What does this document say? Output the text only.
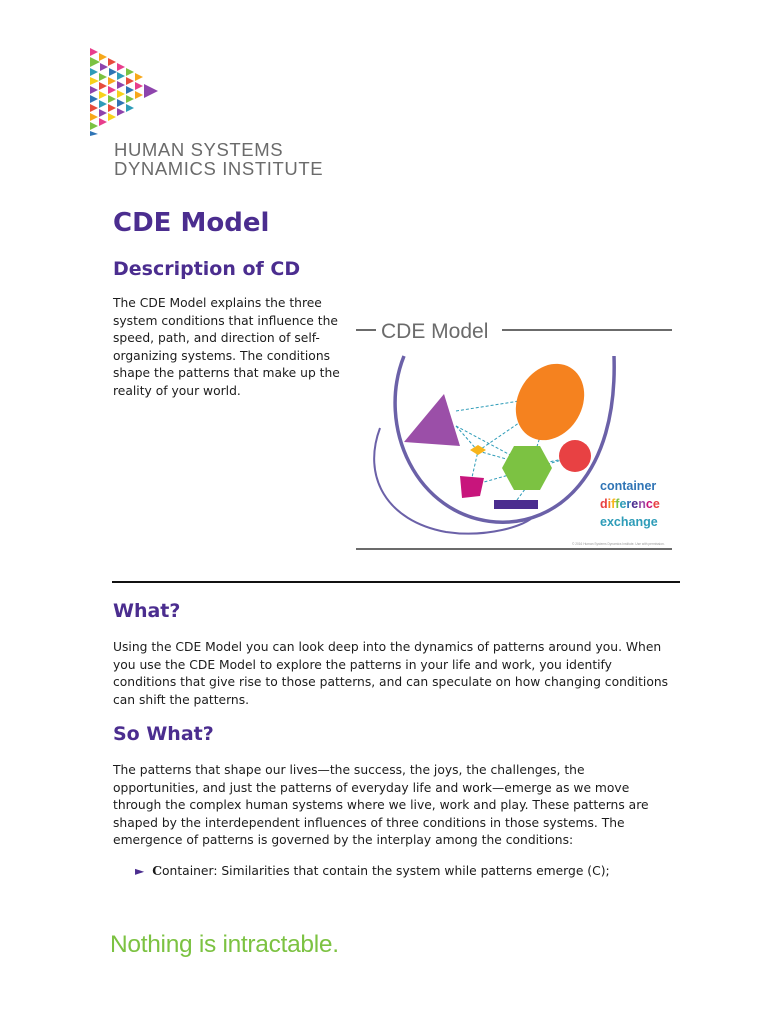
HUMAN SYSTEMS
DYNAMICS INSTITUTE
CDE Model
Description of CD

The CDE Model explains the three system conditions that influence the speed, path, and direction of self-organizing systems. The conditions shape the patterns that make up the reality of your world.

CDE Model
container
difference
exchange
© 2016 Human Systems Dynamics Institute. Use with permission.
What?

Using the CDE Model you can look deep into the dynamics of patterns around you. When you use the CDE Model to explore the patterns in your life and work, you identify conditions that give rise to those patterns, and can speculate on how changing conditions can shift the patterns.

So What?

The patterns that shape our lives—the success, the joys, the challenges, the opportunities, and just the patterns of everyday life and work—emerge as we move through the complex human systems where we live, work and play. These patterns are shaped by the interdependent influences of three conditions in those systems. The emergence of patterns is governed by the interplay among the conditions:

► Container: Similarities that contain the system while patterns emerge (C);
Nothing is intractable.
